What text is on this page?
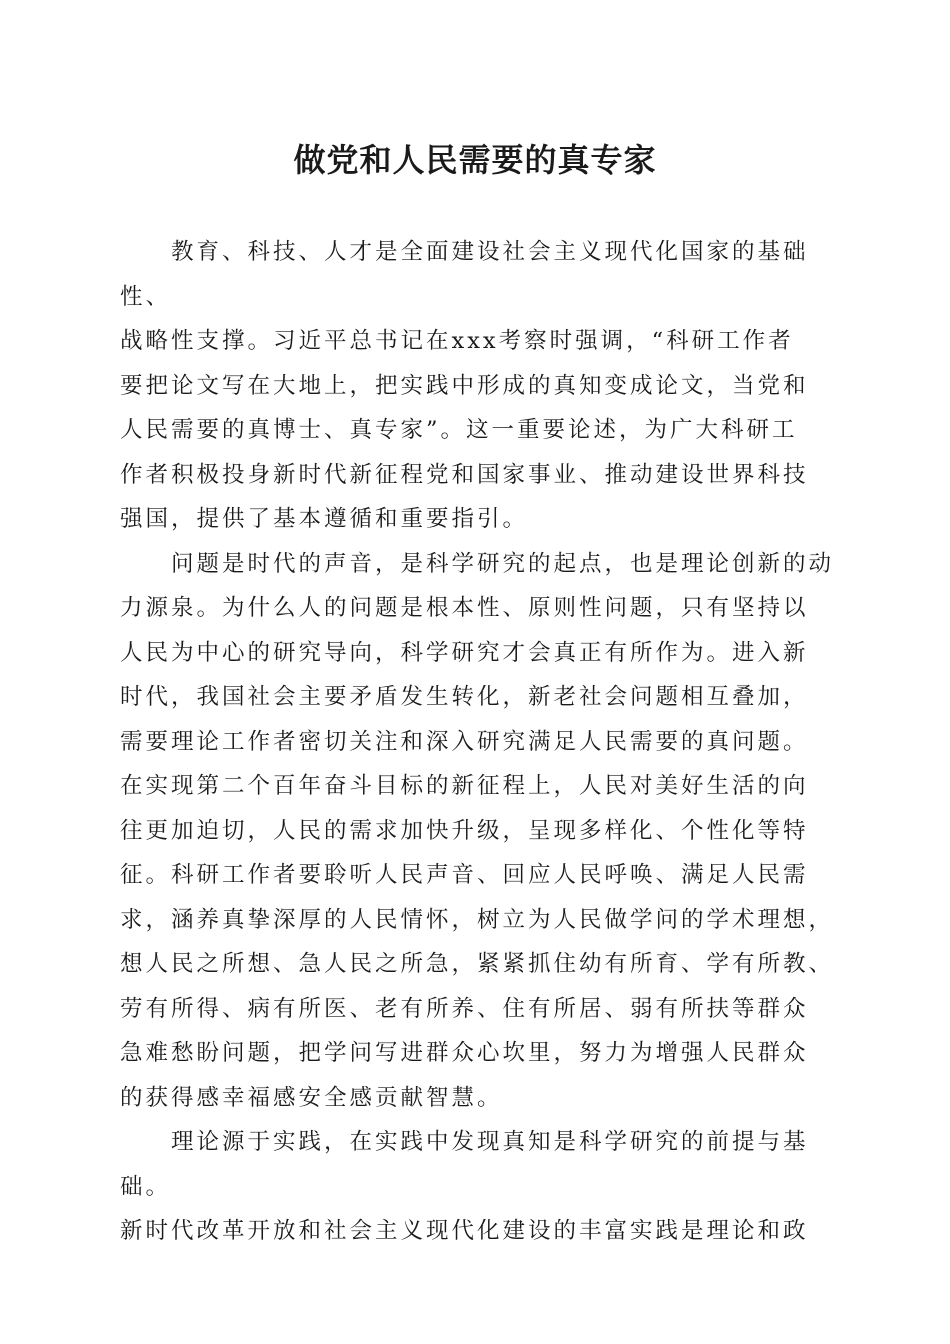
做党和人民需要的真专家

　　教育、科技、人才是全面建设社会主义现代化国家的基础性、
战略性支撑。习近平总书记在xxx考察时强调，“科研工作者
要把论文写在大地上，把实践中形成的真知变成论文，当党和
人民需要的真博士、真专家”。这一重要论述，为广大科研工
作者积极投身新时代新征程党和国家事业、推动建设世界科技
强国，提供了基本遵循和重要指引。

　　问题是时代的声音，是科学研究的起点，也是理论创新的动
力源泉。为什么人的问题是根本性、原则性问题，只有坚持以
人民为中心的研究导向，科学研究才会真正有所作为。进入新
时代，我国社会主要矛盾发生转化，新老社会问题相互叠加，
需要理论工作者密切关注和深入研究满足人民需要的真问题。
在实现第二个百年奋斗目标的新征程上，人民对美好生活的向
往更加迫切，人民的需求加快升级，呈现多样化、个性化等特
征。科研工作者要聆听人民声音、回应人民呼唤、满足人民需
求，涵养真挚深厚的人民情怀，树立为人民做学问的学术理想，
想人民之所想、急人民之所急，紧紧抓住幼有所育、学有所教、
劳有所得、病有所医、老有所养、住有所居、弱有所扶等群众
急难愁盼问题，把学问写进群众心坎里，努力为增强人民群众
的获得感幸福感安全感贡献智慧。

　　理论源于实践，在实践中发现真知是科学研究的前提与基础。
新时代改革开放和社会主义现代化建设的丰富实践是理论和政
